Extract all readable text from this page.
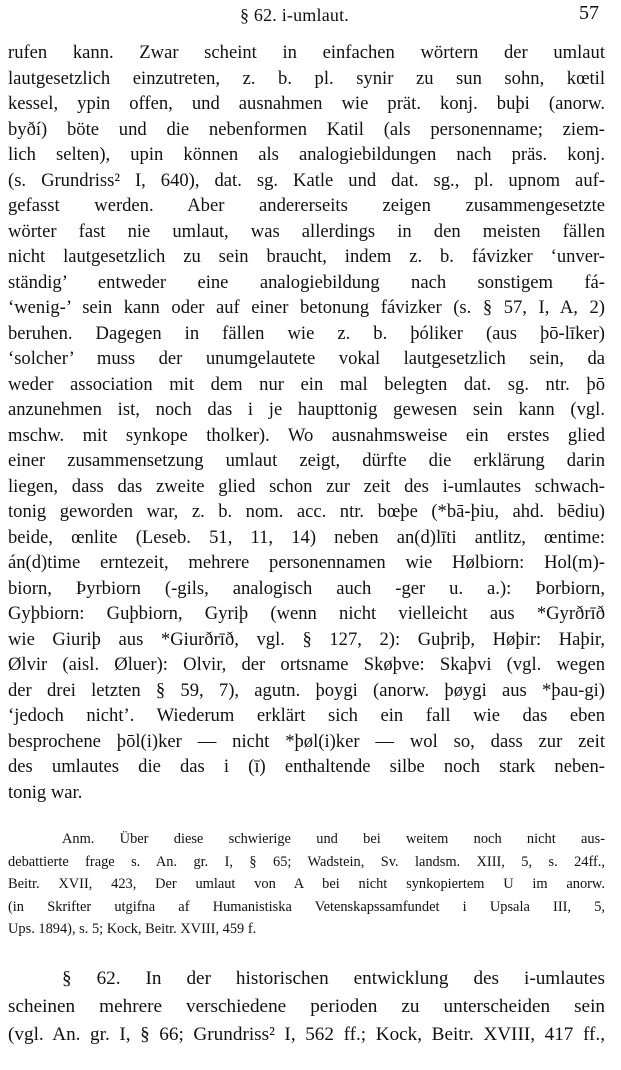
§ 62. i-umlaut.	57
rufen kann. Zwar scheint in einfachen wörtern der umlaut
lautgesetzlich einzutreten, z. b. pl. synir zu sun sohn, kœtil
kessel, ypin offen, und ausnahmen wie prät. konj. buþi (anorw.
byðí) böte und die nebenformen Katil (als personenname; ziem-
lich selten), upin können als analogiebildungen nach präs. konj.
(s. Grundriss² I, 640), dat. sg. Katle und dat. sg., pl. upnom auf-
gefasst werden. Aber andererseits zeigen zusammengesetzte
wörter fast nie umlaut, was allerdings in den meisten fällen
nicht lautgesetzlich zu sein braucht, indem z. b. fávizker ‘unver-
ständig’ entweder eine analogiebildung nach sonstigem fá-
‘wenig-’ sein kann oder auf einer betonung fávizker (s. § 57, I, A, 2)
beruhen. Dagegen in fällen wie z. b. þóliker (aus þō-līker)
‘solcher’ muss der unumgelautete vokal lautgesetzlich sein, da
weder association mit dem nur ein mal belegten dat. sg. ntr. þō
anzunehmen ist, noch das i je haupttonig gewesen sein kann (vgl.
mschw. mit synkope tholker). Wo ausnahmsweise ein erstes glied
einer zusammensetzung umlaut zeigt, dürfte die erklärung darin
liegen, dass das zweite glied schon zur zeit des i-umlautes schwach-
tonig geworden war, z. b. nom. acc. ntr. bœþe (*bā-þiu, ahd. bēdiu)
beide, œnlite (Leseb. 51, 11, 14) neben an(d)līti antlitz, œntime:
án(d)time erntezeit, mehrere personennamen wie Hølbiorn: Hol(m)-
biorn, Þyrbiorn (-gils, analogisch auch -ger u. a.): Þorbiorn,
Gyþbiorn: Guþbiorn, Gyriþ (wenn nicht vielleicht aus *Gyrðrīð
wie Giuriþ aus *Giurðrīð, vgl. § 127, 2): Guþriþ, Høþir: Haþir,
Ølvir (aisl. Øluer): Olvir, der ortsname Skøþve: Skaþvi (vgl. wegen
der drei letzten § 59, 7), agutn. þoygi (anorw. þøygi aus *þau-gi)
‘jedoch nicht’. Wiederum erklärt sich ein fall wie das eben
besprochene þōl(i)ker — nicht *þøl(i)ker — wol so, dass zur zeit
des umlautes die das i (ī) enthaltende silbe noch stark neben-
tonig war.
Anm. Über diese schwierige und bei weitem noch nicht aus-
debattierte frage s. An. gr. I, § 65; Wadstein, Sv. landsm. XIII, 5, s. 24ff.,
Beitr. XVII, 423, Der umlaut von A bei nicht synkopiertem U im anorw.
(in Skrifter utgifna af Humanistiska Vetenskapssamfundet i Upsala III, 5,
Ups. 1894), s. 5; Kock, Beitr. XVIII, 459 f.
§ 62. In der historischen entwicklung des i-umlautes
scheinen mehrere verschiedene perioden zu unterscheiden sein
(vgl. An. gr. I, § 66; Grundriss² I, 562 ff.; Kock, Beitr. XVIII, 417 ff.,
